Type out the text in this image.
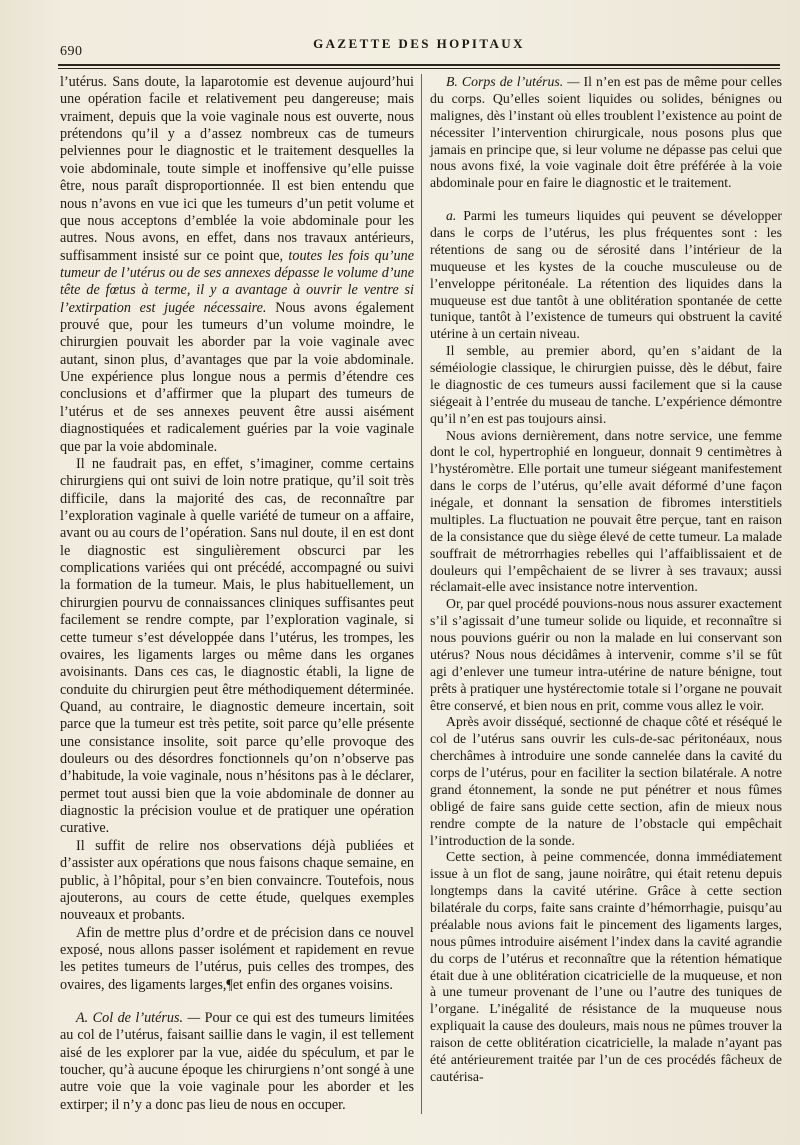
690
GAZETTE DES HOPITAUX

l’utérus. Sans doute, la laparotomie est devenue aujourd’hui une opération facile et relativement peu dangereuse; mais vraiment, depuis que la voie vaginale nous est ouverte, nous prétendons qu’il y a d’assez nombreux cas de tumeurs pelviennes pour le diagnostic et le traitement desquelles la voie abdominale, toute simple et inoffensive qu’elle puisse être, nous paraît disproportionnée. Il est bien entendu que nous n’avons en vue ici que les tumeurs d’un petit volume et que nous acceptons d’emblée la voie abdominale pour les autres. Nous avons, en effet, dans nos travaux antérieurs, suffisamment insisté sur ce point que, toutes les fois qu’une tumeur de l’utérus ou de ses annexes dépasse le volume d’une tête de fœtus à terme, il y a avantage à ouvrir le ventre si l’extirpation est jugée nécessaire. Nous avons également prouvé que, pour les tumeurs d’un volume moindre, le chirurgien pouvait les aborder par la voie vaginale avec autant, sinon plus, d’avantages que par la voie abdominale. Une expérience plus longue nous a permis d’étendre ces conclusions et d’affirmer que la plupart des tumeurs de l’utérus et de ses annexes peuvent être aussi aisément diagnostiquées et radicalement guéries par la voie vaginale que par la voie abdominale.

Il ne faudrait pas, en effet, s’imaginer, comme certains chirurgiens qui ont suivi de loin notre pratique, qu’il soit très difficile, dans la majorité des cas, de reconnaître par l’exploration vaginale à quelle variété de tumeur on a affaire, avant ou au cours de l’opération. Sans nul doute, il en est dont le diagnostic est singulièrement obscurci par les complications variées qui ont précédé, accompagné ou suivi la formation de la tumeur. Mais, le plus habituellement, un chirurgien pourvu de connaissances cliniques suffisantes peut facilement se rendre compte, par l’exploration vaginale, si cette tumeur s’est développée dans l’utérus, les trompes, les ovaires, les ligaments larges ou même dans les organes avoisinants. Dans ces cas, le diagnostic établi, la ligne de conduite du chirurgien peut être méthodiquement déterminée. Quand, au contraire, le diagnostic demeure incertain, soit parce que la tumeur est très petite, soit parce qu’elle présente une consistance insolite, soit parce qu’elle provoque des douleurs ou des désordres fonctionnels qu’on n’observe pas d’habitude, la voie vaginale, nous n’hésitons pas à le déclarer, permet tout aussi bien que la voie abdominale de donner au diagnostic la précision voulue et de pratiquer une opération curative.

Il suffit de relire nos observations déjà publiées et d’assister aux opérations que nous faisons chaque semaine, en public, à l’hôpital, pour s’en bien convaincre. Toutefois, nous ajouterons, au cours de cette étude, quelques exemples nouveaux et probants.

Afin de mettre plus d’ordre et de précision dans ce nouvel exposé, nous allons passer isolément et rapidement en revue les petites tumeurs de l’utérus, puis celles des trompes, des ovaires, des ligaments larges,¶et enfin des organes voisins.

A. Col de l’utérus. — Pour ce qui est des tumeurs limitées au col de l’utérus, faisant saillie dans le vagin, il est tellement aisé de les explorer par la vue, aidée du spéculum, et par le toucher, qu’à aucune époque les chirurgiens n’ont songé à une autre voie que la voie vaginale pour les aborder et les extirper; il n’y a donc pas lieu de nous en occuper.

B. Corps de l’utérus. — Il n’en est pas de même pour celles du corps. Qu’elles soient liquides ou solides, bénignes ou malignes, dès l’instant où elles troublent l’existence au point de nécessiter l’intervention chirurgicale, nous posons plus que jamais en principe que, si leur volume ne dépasse pas celui que nous avons fixé, la voie vaginale doit être préférée à la voie abdominale pour en faire le diagnostic et le traitement.

a. Parmi les tumeurs liquides qui peuvent se développer dans le corps de l’utérus, les plus fréquentes sont : les rétentions de sang ou de sérosité dans l’intérieur de la muqueuse et les kystes de la couche musculeuse ou de l’enveloppe péritonéale. La rétention des liquides dans la muqueuse est due tantôt à une oblitération spontanée de cette tunique, tantôt à l’existence de tumeurs qui obstruent la cavité utérine à un certain niveau.

Il semble, au premier abord, qu’en s’aidant de la séméiologie classique, le chirurgien puisse, dès le début, faire le diagnostic de ces tumeurs aussi facilement que si la cause siégeait à l’entrée du museau de tanche. L’expérience démontre qu’il n’en est pas toujours ainsi.

Nous avions dernièrement, dans notre service, une femme dont le col, hypertrophié en longueur, donnait 9 centimètres à l’hystéromètre. Elle portait une tumeur siégeant manifestement dans le corps de l’utérus, qu’elle avait déformé d’une façon inégale, et donnant la sensation de fibromes interstitiels multiples. La fluctuation ne pouvait être perçue, tant en raison de la consistance que du siège élevé de cette tumeur. La malade souffrait de métrorrhagies rebelles qui l’affaiblissaient et de douleurs qui l’empêchaient de se livrer à ses travaux; aussi réclamait-elle avec insistance notre intervention.

Or, par quel procédé pouvions-nous nous assurer exactement s’il s’agissait d’une tumeur solide ou liquide, et reconnaître si nous pouvions guérir ou non la malade en lui conservant son utérus? Nous nous décidâmes à intervenir, comme s’il se fût agi d’enlever une tumeur intra-utérine de nature bénigne, tout prêts à pratiquer une hystérectomie totale si l’organe ne pouvait être conservé, et bien nous en prit, comme vous allez le voir.

Après avoir disséqué, sectionné de chaque côté et réséqué le col de l’utérus sans ouvrir les culs-de-sac péritonéaux, nous cherchâmes à introduire une sonde cannelée dans la cavité du corps de l’utérus, pour en faciliter la section bilatérale. A notre grand étonnement, la sonde ne put pénétrer et nous fûmes obligé de faire sans guide cette section, afin de mieux nous rendre compte de la nature de l’obstacle qui empêchait l’introduction de la sonde.

Cette section, à peine commencée, donna immédiatement issue à un flot de sang, jaune noirâtre, qui était retenu depuis longtemps dans la cavité utérine. Grâce à cette section bilatérale du corps, faite sans crainte d’hémorrhagie, puisqu’au préalable nous avions fait le pincement des ligaments larges, nous pûmes introduire aisément l’index dans la cavité agrandie du corps de l’utérus et reconnaître que la rétention hématique était due à une oblitération cicatricielle de la muqueuse, et non à une tumeur provenant de l’une ou l’autre des tuniques de l’organe. L’inégalité de résistance de la muqueuse nous expliquait la cause des douleurs, mais nous ne pûmes trouver la raison de cette oblitération cicatricielle, la malade n’ayant pas été antérieurement traitée par l’un de ces procédés fâcheux de cautérisa-
